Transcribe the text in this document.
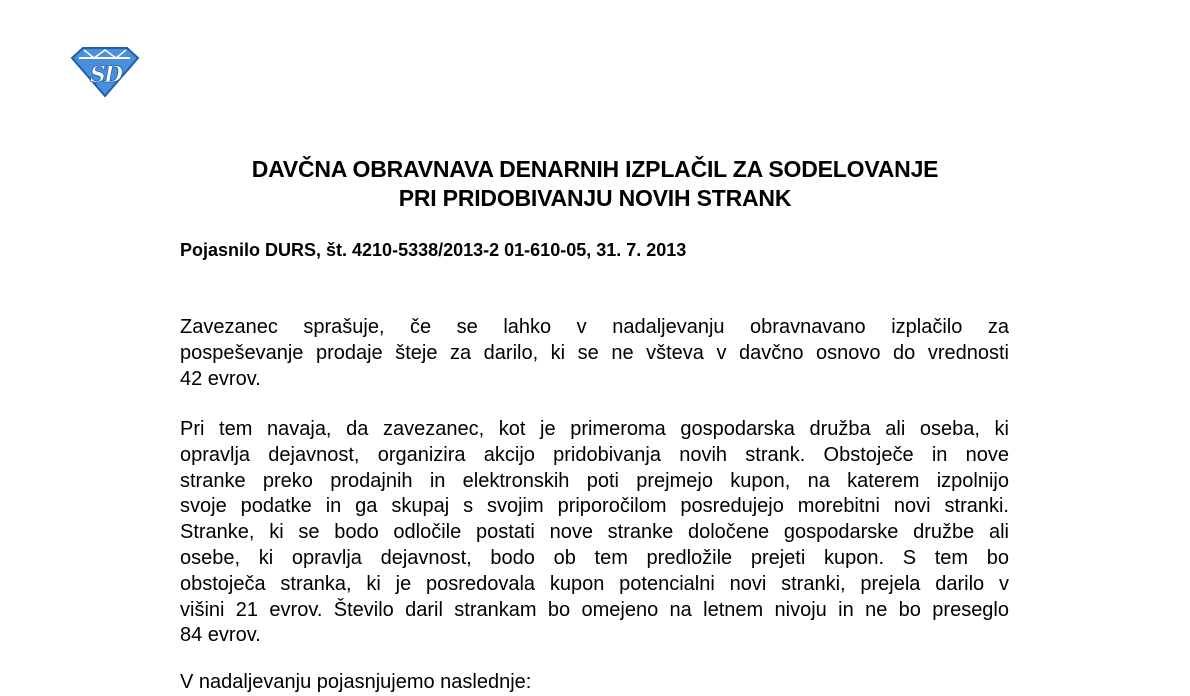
S
D
DAVČNA OBRAVNAVA DENARNIH IZPLAČIL ZA SODELOVANJE
PRI PRIDOBIVANJU NOVIH STRANK
Pojasnilo DURS, št. 4210-5338/2013-2 01-610-05, 31. 7. 2013
Zavezanec sprašuje, če se lahko v nadaljevanju obravnavano izplačilo za
pospeševanje prodaje šteje za darilo, ki se ne všteva v davčno osnovo do vrednosti
42 evrov.
Pri tem navaja, da zavezanec, kot je primeroma gospodarska družba ali oseba, ki
opravlja dejavnost, organizira akcijo pridobivanja novih strank. Obstoječe in nove
stranke preko prodajnih in elektronskih poti prejmejo kupon, na katerem izpolnijo
svoje podatke in ga skupaj s svojim priporočilom posredujejo morebitni novi stranki.
Stranke, ki se bodo odločile postati nove stranke določene gospodarske družbe ali
osebe, ki opravlja dejavnost, bodo ob tem predložile prejeti kupon. S tem bo
obstoječa stranka, ki je posredovala kupon potencialni novi stranki, prejela darilo v
višini 21 evrov. Število daril strankam bo omejeno na letnem nivoju in ne bo preseglo
84 evrov.
V nadaljevanju pojasnjujemo naslednje:
